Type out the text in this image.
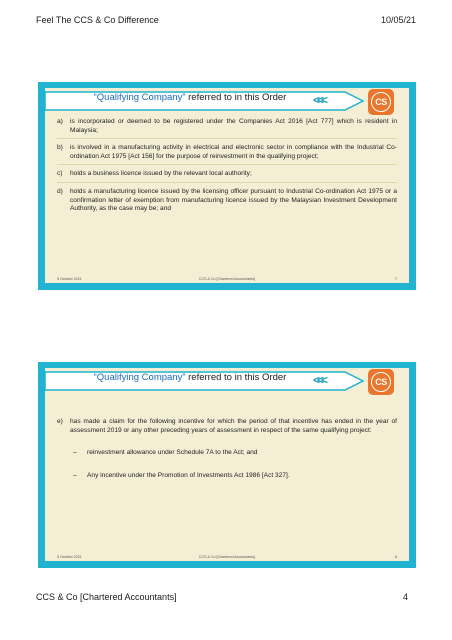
Feel The CCS & Co Difference	10/05/21
“Qualifying Company” referred to in this Order	<<<	CS
a) is incorporated or deemed to be registered under the Companies Act 2016 [Act 777] which is resident in Malaysia;
b) is involved in a manufacturing activity in electrical and electronic sector in compliance with the Industrial Co-ordination Act 1975 [Act 156] for the purpose of reinvestment in the qualifying project;
c) holds a business licence issued by the relevant local authority;
d) holds a manufacturing licence issued by the licensing officer pursuant to Industrial Co-ordination Act 1975 or a confirmation letter of exemption from manufacturing licence issued by the Malaysian Investment Development Authority, as the case may be; and
5 October 2021	CCS & Co [Chartered Accountants]	7
“Qualifying Company” referred to in this Order	<<<	CS
e) has made a claim for the following incentive for which the period of that incentive has ended in the year of assessment 2019 or any other preceding years of assessment in respect of the same qualifying project:
– reinvestment allowance under Schedule 7A to the Act; and
– Any incentive under the Promotion of Investments Act 1986 [Act 327].
5 October 2021	CCS & Co [Chartered Accountants]	8
CCS & Co [Chartered Accountants]	4
